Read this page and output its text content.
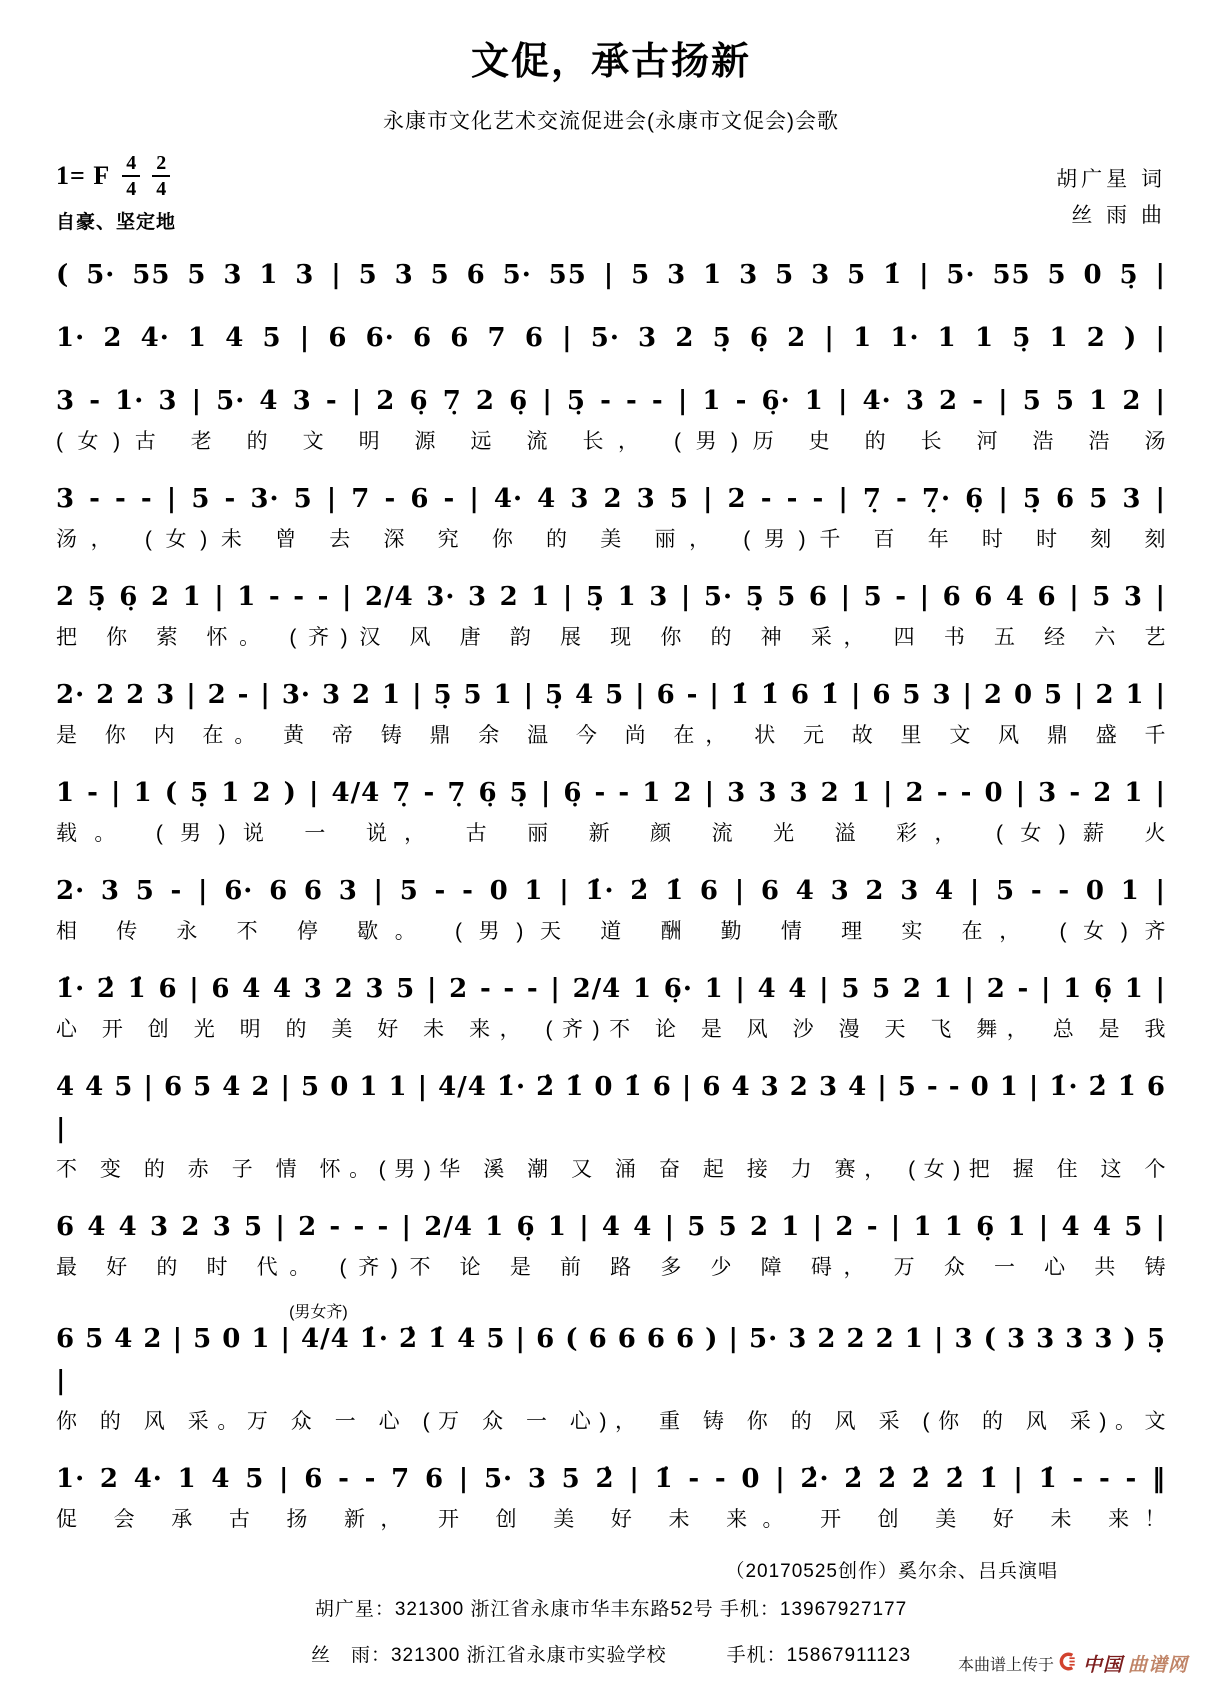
文促，承古扬新
永康市文化艺术交流促进会(永康市文促会)会歌
1= F $\frac{4}{4} \frac{2}{4}$
自豪、坚定地
胡广星 词
丝 雨 曲
( 5· 55 5 3 1 3 | 5 3 5 6 5· 55 | 5 3 1 3 5 3 5 1̇ | 5· 55 5 0 5̣ |
1· 2 4· 1 4 5 | 6 6· 6 6 7 6 | 5· 3 2 5̣ 6̣ 2 | 1 1· 1 1 5̣ 1 2 ) |
3 - 1· 3 | 5· 4 3 - | 2 6̣ 7̣ 2 6̣ | 5̣ - - - | 1 - 6̣· 1 | 4· 3 2 - | 5 5 1 2 |
(女)古 老 的 文 明 源 远 流 长， (男)历 史 的 长 河 浩 浩 汤
3 - - - | 5 - 3· 5 | 7 - 6 - | 4· 4 3 2 3 5 | 2 - - - | 7̣ - 7̣· 6̣ | 5̣ 6 5 3 |
汤， (女)未 曾 去 深 究 你 的 美 丽， (男)千 百 年 时 时 刻 刻
2 5̣ 6̣ 2 1 | 1 - - - | 2/4 3· 3 2 1 | 5̣ 1 3 | 5· 5̣ 5 6 | 5 - | 6 6 4 6 | 5 3 |
把 你 萦 怀。 (齐)汉 风 唐 韵 展 现 你 的 神 采， 四 书 五 经 六 艺
2· 2 2 3 | 2 - | 3· 3 2 1 | 5̣ 5 1 | 5̣ 4 5 | 6 - | 1̇ 1̇ 6 1̇ | 6 5 3 | 2 0 5 | 2 1 |
是 你 内 在。 黄 帝 铸 鼎 余 温 今 尚 在， 状 元 故 里 文 风 鼎 盛 千
1 - | 1 ( 5̣ 1 2 ) | 4/4 7̣ - 7̣ 6̣ 5̣ | 6̣ - - 1 2 | 3 3 3 2 1 | 2 - - 0 | 3 - 2 1 |
载。 (男)说 一 说， 古 丽 新 颜 流 光 溢 彩， (女)薪 火
2· 3 5 - | 6· 6 6 3 | 5 - - 0 1 | 1̇· 2̇ 1̇ 6 | 6 4 3 2 3 4 | 5 - - 0 1 |
相 传 永 不 停 歇。 (男)天 道 酬 勤 情 理 实 在， (女)齐
1̇· 2̇ 1̇ 6 | 6 4 4 3 2 3 5 | 2 - - - | 2/4 1 6̣· 1 | 4 4 | 5 5 2 1 | 2 - | 1 6̣ 1 |
心 开 创 光 明 的 美 好 未 来， (齐)不 论 是 风 沙 漫 天 飞 舞， 总 是 我
4 4 5 | 6 5 4 2 | 5 0 1 1 | 4/4 1̇· 2̇ 1̇ 0 1̇ 6 | 6 4 3 2 3 4 | 5 - - 0 1 | 1̇· 2̇ 1̇ 6 |
不 变 的 赤 子 情 怀。(男)华 溪 潮 又 涌 奋 起 接 力 赛， (女)把 握 住 这 个
6 4 4 3 2 3 5 | 2 - - - | 2/4 1 6̣ 1 | 4 4 | 5 5 2 1 | 2 - | 1 1 6̣ 1 | 4 4 5 |
最 好 的 时 代。 (齐)不 论 是 前 路 多 少 障 碍， 万 众 一 心 共 铸
(男女齐)
6 5 4 2 | 5 0 1 | 4/4 1̇· 2̇ 1̇ 4 5 | 6 ( 6 6 6 6 ) | 5· 3 2 2 2 1 | 3 ( 3 3 3 3 ) 5̣ |
你 的 风 采。万 众 一 心 (万 众 一 心)， 重 铸 你 的 风 采 (你 的 风 采)。文
1· 2 4· 1 4 5 | 6 - - 7 6 | 5· 3 5 2̇ | 1̇ - - 0 | 2̇· 2̇ 2̇ 2̇ 2̇ 1̇ | 1̇ - - - ‖
促 会 承 古 扬 新， 开 创 美 好 未 来。 开 创 美 好 未 来！
（20170525创作）奚尔余、吕兵演唱
胡广星：321300 浙江省永康市华丰东路52号 手机：13967927177
丝　雨：321300 浙江省永康市实验学校　　　手机：15867911123	本曲谱上传于 中国 曲谱网
